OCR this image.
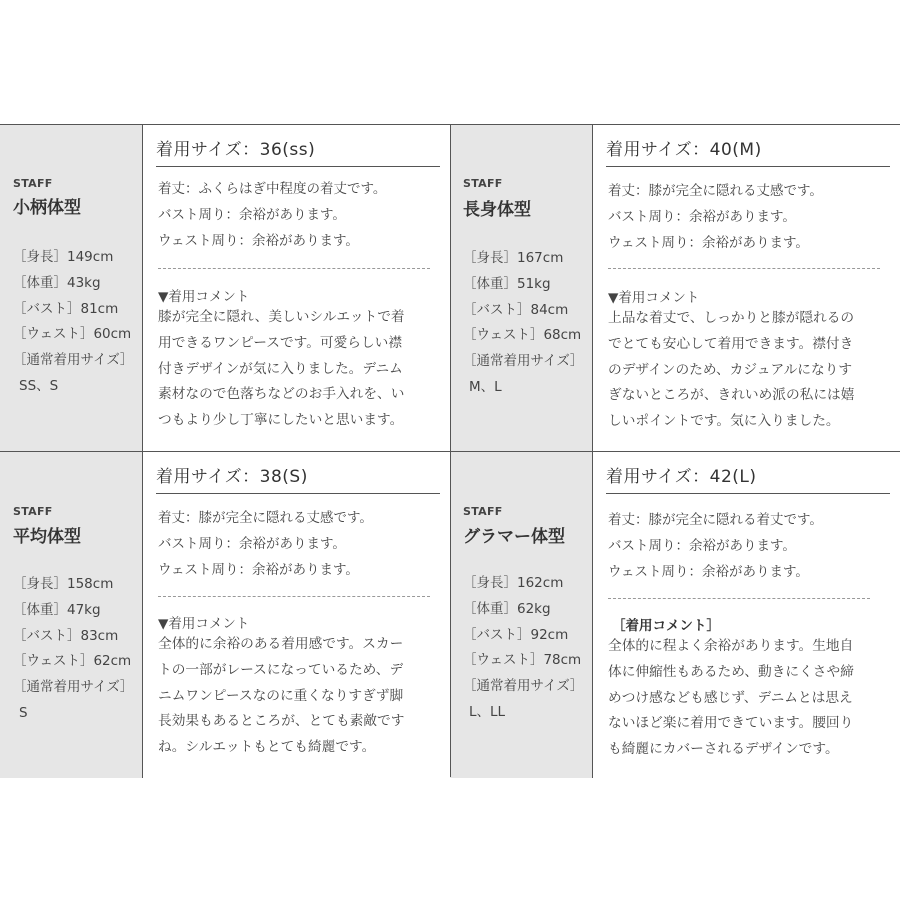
STAFF
小柄体型
［身長］149cm
［体重］43kg
［バスト］81cm
［ウェスト］60cm
［通常着用サイズ］
SS、S
着用サイズ：36(ss)
着丈：ふくらはぎ中程度の着丈です。
バスト周り：余裕があります。
ウェスト周り：余裕があります。
▼着用コメント
膝が完全に隠れ、美しいシルエットで着
用できるワンピースです。可愛らしい襟
付きデザインが気に入りました。デニム
素材なので色落ちなどのお手入れを、い
つもより少し丁寧にしたいと思います。
STAFF
長身体型
［身長］167cm
［体重］51kg
［バスト］84cm
［ウェスト］68cm
［通常着用サイズ］
M、L
着用サイズ：40(M)
着丈：膝が完全に隠れる丈感です。
バスト周り：余裕があります。
ウェスト周り：余裕があります。
▼着用コメント
上品な着丈で、しっかりと膝が隠れるの
でとても安心して着用できます。襟付き
のデザインのため、カジュアルになりす
ぎないところが、きれいめ派の私には嬉
しいポイントです。気に入りました。
STAFF
平均体型
［身長］158cm
［体重］47kg
［バスト］83cm
［ウェスト］62cm
［通常着用サイズ］
S
着用サイズ：38(S)
着丈：膝が完全に隠れる丈感です。
バスト周り：余裕があります。
ウェスト周り：余裕があります。
▼着用コメント
全体的に余裕のある着用感です。スカー
トの一部がレースになっているため、デ
ニムワンピースなのに重くなりすぎず脚
長効果もあるところが、とても素敵です
ね。シルエットもとても綺麗です。
STAFF
グラマー体型
［身長］162cm
［体重］62kg
［バスト］92cm
［ウェスト］78cm
［通常着用サイズ］
L、LL
着用サイズ：42(L)
着丈：膝が完全に隠れる着丈です。
バスト周り：余裕があります。
ウェスト周り：余裕があります。
［着用コメント］
全体的に程よく余裕があります。生地自
体に伸縮性もあるため、動きにくさや締
めつけ感なども感じず、デニムとは思え
ないほど楽に着用できています。腰回り
も綺麗にカバーされるデザインです。
